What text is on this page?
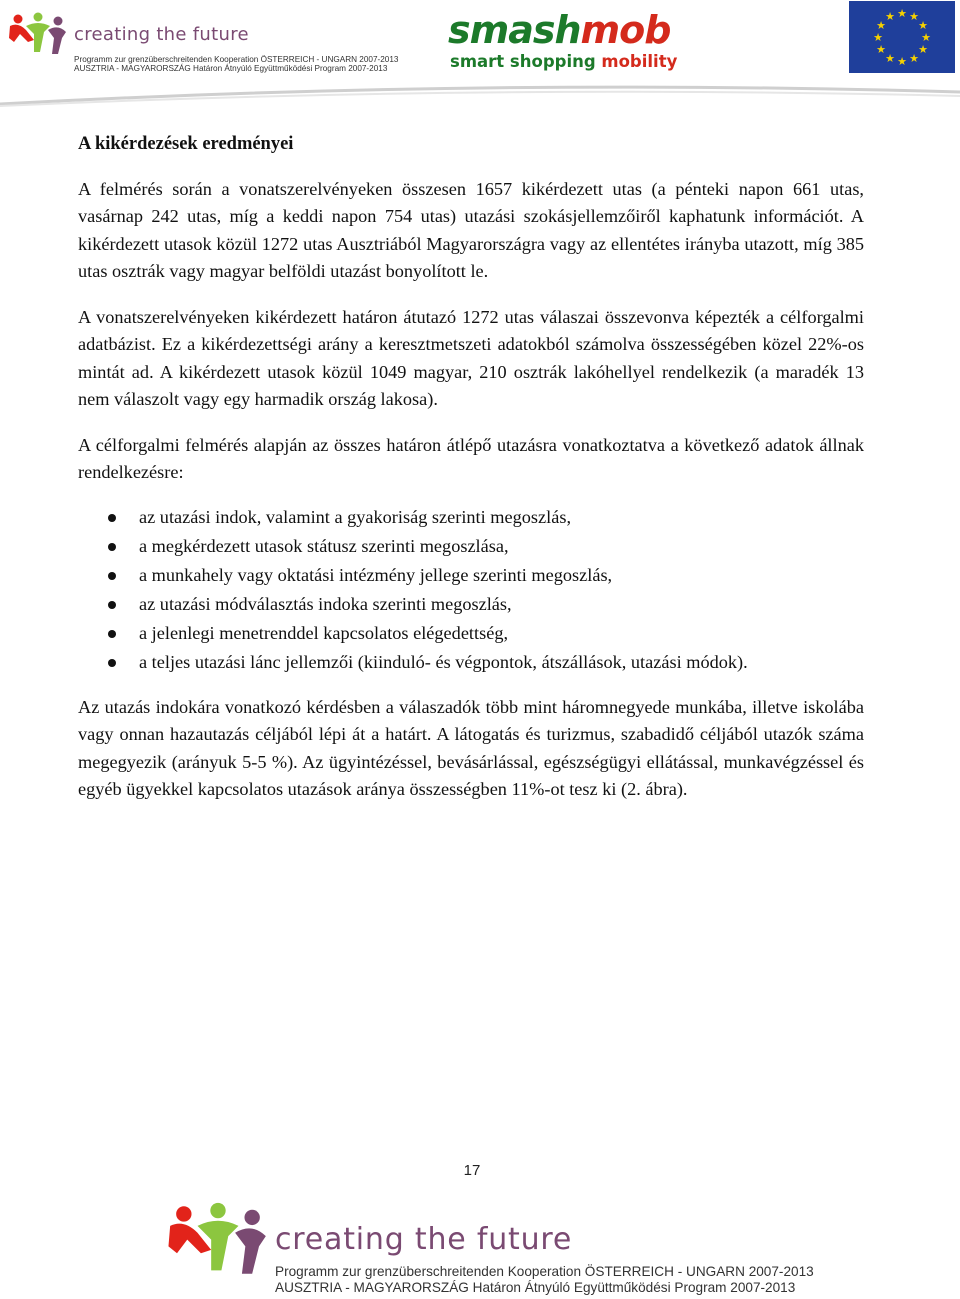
creating the future
Programm zur grenzüberschreitenden Kooperation ÖSTERREICH - UNGARN 2007-2013
AUSZTRIA - MAGYARORSZÁG Határon Átnyúló Együttműködési Program 2007-2013
smashmob
smart shopping mobility
★ ★
★
★
★
★
★
★
★
★
★
★
A kikérdezések eredményei

A felmérés során a vonatszerelvényeken összesen 1657 kikérdezett utas (a pénteki napon 661 utas, vasárnap 242 utas, míg a keddi napon 754 utas) utazási szokásjellemzőiről kaphatunk információt. A kikérdezett utasok közül 1272 utas Ausztriából Magyarországra vagy az ellentétes irányba utazott, míg 385 utas osztrák vagy magyar belföldi utazást bonyolított le.

A vonatszerelvényeken kikérdezett határon átutazó 1272 utas válaszai összevonva képezték a célforgalmi adatbázist. Ez a kikérdezettségi arány a keresztmetszeti adatokból számolva összességében közel 22%-os mintát ad. A kikérdezett utasok közül 1049 magyar, 210 osztrák lakóhellyel rendelkezik (a maradék 13 nem válaszolt vagy egy harmadik ország lakosa).

A célforgalmi felmérés alapján az összes határon átlépő utazásra vonatkoztatva a következő adatok állnak rendelkezésre:

az utazási indok, valamint a gyakoriság szerinti megoszlás,
a megkérdezett utasok státusz szerinti megoszlása,
a munkahely vagy oktatási intézmény jellege szerinti megoszlás,
az utazási módválasztás indoka szerinti megoszlás,
a jelenlegi menetrenddel kapcsolatos elégedettség,
a teljes utazási lánc jellemzői (kiinduló- és végpontok, átszállások, utazási módok).

Az utazás indokára vonatkozó kérdésben a válaszadók több mint háromnegyede munkába, illetve iskolába vagy onnan hazautazás céljából lépi át a határt. A látogatás és turizmus, szabadidő céljából utazók száma megegyezik (arányuk 5-5 %). Az ügyintézéssel, bevásárlással, egészségügyi ellátással, munkavégzéssel és egyéb ügyekkel kapcsolatos utazások aránya összességben 11%-ot tesz ki (2. ábra).

17
creating the future
Programm zur grenzüberschreitenden Kooperation ÖSTERREICH - UNGARN 2007-2013
AUSZTRIA - MAGYARORSZÁG Határon Átnyúló Együttműködési Program 2007-2013
